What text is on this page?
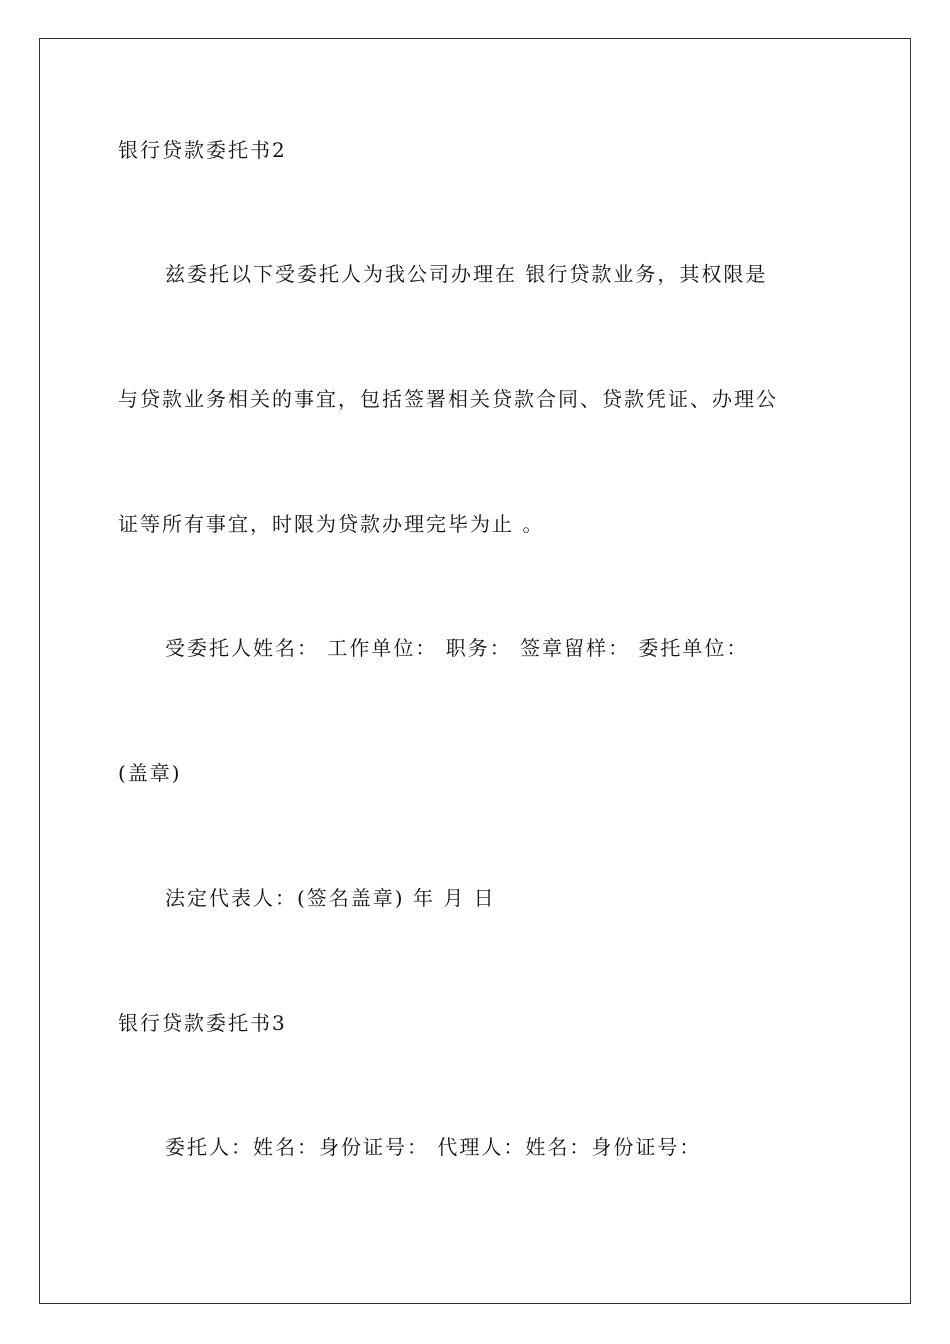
银行贷款委托书2
兹委托以下受委托人为我公司办理在 银行贷款业务，其权限是
与贷款业务相关的事宜，包括签署相关贷款合同、贷款凭证、办理公
证等所有事宜，时限为贷款办理完毕为止 。
受委托人姓名： 工作单位： 职务： 签章留样： 委托单位：
(盖章)
法定代表人：(签名盖章) 年 月 日
银行贷款委托书3
委托人：姓名：身份证号： 代理人：姓名：身份证号：
